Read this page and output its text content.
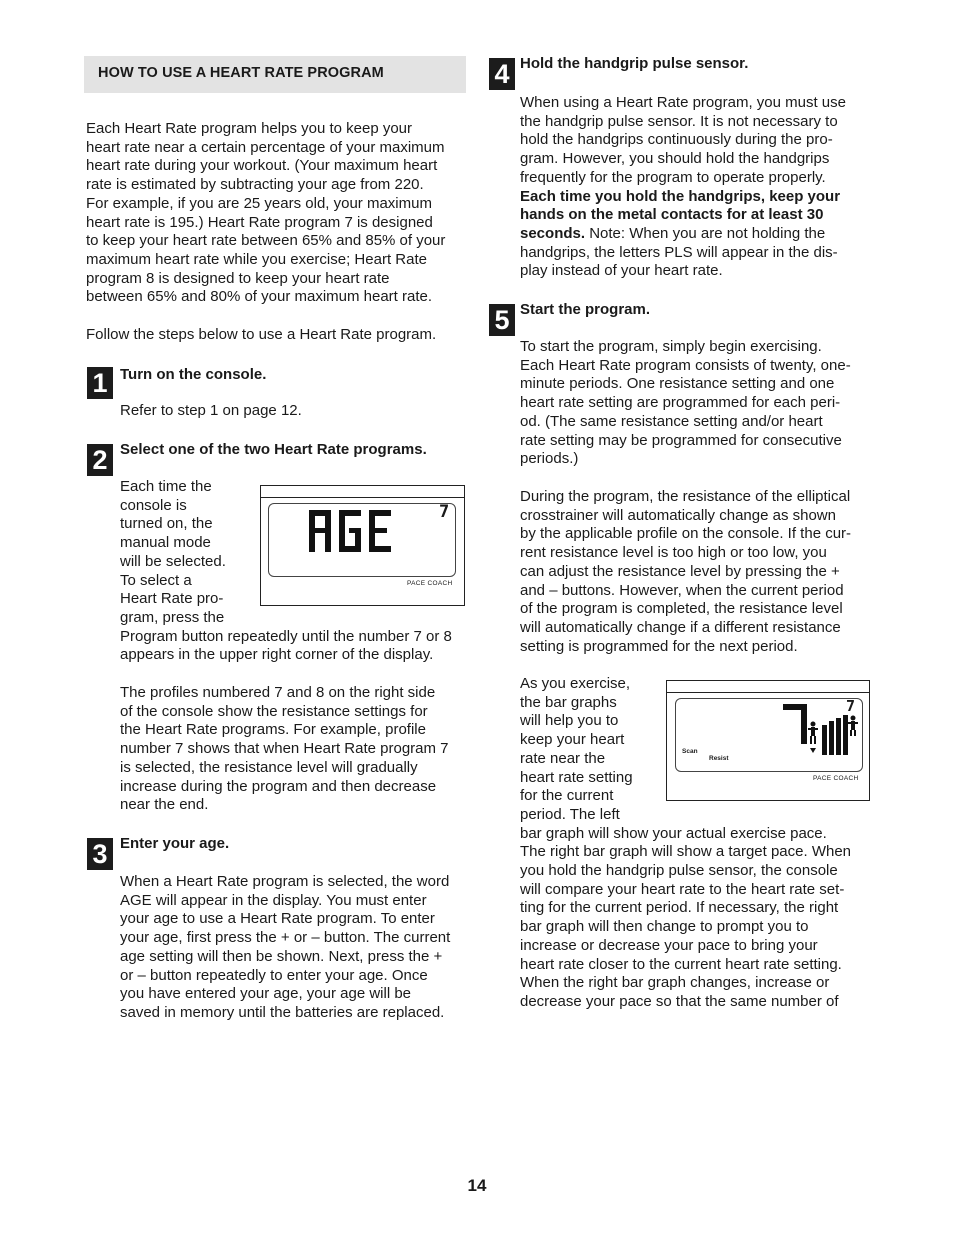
HOW TO USE A HEART RATE PROGRAM
Each Heart Rate program helps you to keep your
heart rate near a certain percentage of your maximum
heart rate during your workout. (Your maximum heart
rate is estimated by subtracting your age from 220.
For example, if you are 25 years old, your maximum
heart rate is 195.) Heart Rate program 7 is designed
to keep your heart rate between 65% and 85% of your
maximum heart rate while you exercise; Heart Rate
program 8 is designed to keep your heart rate
between 65% and 80% of your maximum heart rate.
Follow the steps below to use a Heart Rate program.
1 Turn on the console.
Refer to step 1 on page 12.
2 Select one of the two Heart Rate programs.
Each time the
console is
turned on, the
manual mode
will be selected.
To select a
Heart Rate pro-
gram, press the
Program button repeatedly until the number 7 or 8
appears in the upper right corner of the display.
7
PACE COACH
The profiles numbered 7 and 8 on the right side
of the console show the resistance settings for
the Heart Rate programs. For example, profile
number 7 shows that when Heart Rate program 7
is selected, the resistance level will gradually
increase during the program and then decrease
near the end.
3 Enter your age.
When a Heart Rate program is selected, the word
AGE will appear in the display. You must enter
your age to use a Heart Rate program. To enter
your age, first press the + or – button. The current
age setting will then be shown. Next, press the +
or – button repeatedly to enter your age. Once
you have entered your age, your age will be
saved in memory until the batteries are replaced.
4 Hold the handgrip pulse sensor.
When using a Heart Rate program, you must use
the handgrip pulse sensor. It is not necessary to
hold the handgrips continuously during the pro-
gram. However, you should hold the handgrips
frequently for the program to operate properly.
Each time you hold the handgrips, keep your
hands on the metal contacts for at least 30
seconds. Note: When you are not holding the
handgrips, the letters PLS will appear in the dis-
play instead of your heart rate.
5 Start the program.
To start the program, simply begin exercising.
Each Heart Rate program consists of twenty, one-
minute periods. One resistance setting and one
heart rate setting are programmed for each peri-
od. (The same resistance setting and/or heart
rate setting may be programmed for consecutive
periods.)
During the program, the resistance of the elliptical
crosstrainer will automatically change as shown
by the applicable profile on the console. If the cur-
rent resistance level is too high or too low, you
can adjust the resistance level by pressing the +
and – buttons. However, when the current period
of the program is completed, the resistance level
will automatically change if a different resistance
setting is programmed for the next period.
As you exercise,
the bar graphs
will help you to
keep your heart
rate near the
heart rate setting
for the current
period. The left
bar graph will show your actual exercise pace.
The right bar graph will show a target pace. When
you hold the handgrip pulse sensor, the console
will compare your heart rate to the heart rate set-
ting for the current period. If necessary, the right
bar graph will then change to prompt you to
increase or decrease your pace to bring your
heart rate closer to the current heart rate setting.
When the right bar graph changes, increase or
decrease your pace so that the same number of
7
Scan
Resist
PACE COACH
14
